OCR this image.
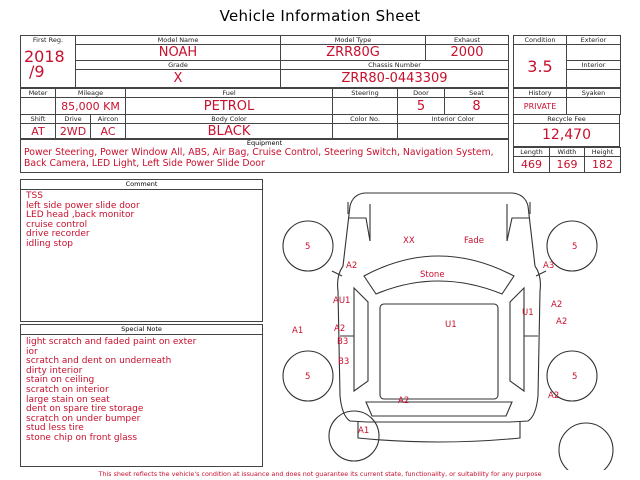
Vehicle Information Sheet
First Reg.
2018
/9	Model Name	Model Type	Exhaust
	NOAH	ZRR80G	2000
	Grade	Chassis Number	
	X	ZRR80-0443309	
Condition	Exterior
3.5	
	Interior

Meter	Mileage	Fuel	Steering	Door	Seat
	85,000 KM	PETROL		5	8
History	Syaken
PRIVATE	
Shift	Drive	Aircon	Body Color	Color No.	Interior Color
AT	2WD	AC	BLACK		
Recycle Fee
12,470
Equipment
Power Steering, Power Window All, ABS, Air Bag, Cruise Control, Steering Switch, Navigation System, Back Camera, LED Light, Left Side Power Slide Door
Length	Width	Height
469	169	182
Comment
TSS
left side power slide door
LED head ,back monitor
cruise control
drive recorder
idling stop
Special Note
light scratch and faded paint on exter
ior
scratch and dent on underneath
dirty interior
stain on ceiling
scratch on interior
large stain on seat
dent on spare tire storage
scratch on under bumper
stud less tire
stone chip on front glass
XX	Fade
Stone
A2	A3
AU1	A2
U1
U1	A2
A1	A2
B3
B3
A2
A2
A1
5	5
5	5
This sheet reflects the vehicle's condition at issuance and does not guarantee its current state, functionality, or suitability for any purpose
